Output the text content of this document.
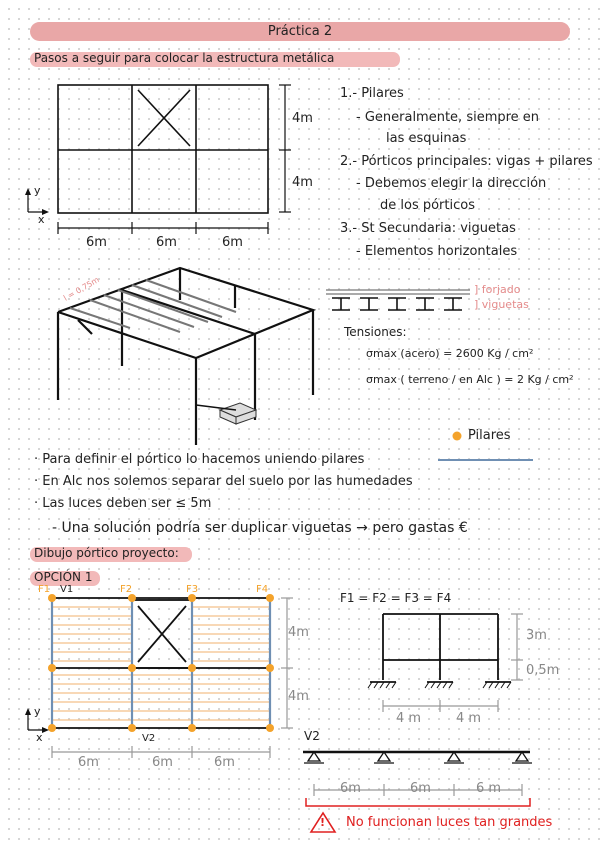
Práctica 2
Pasos a seguir para colocar la estructura metálica
4m
4m
6m	6m	6m
y
x
1.- Pilares
- Generalmente, siempre en
las esquinas
2.- Pórticos principales: vigas + pilares
- Debemos elegir la dirección
de los pórticos
3.- St Secundaria: viguetas
- Elementos horizontales
l = 0,75m	] forjado
] viguetas
Tensiones:
σmax (acero) = 2600 Kg / cm²
σmax ( terreno / en Alc ) = 2 Kg / cm²
Pilares
· Para definir el pórtico lo hacemos uniendo pilares
· En Alc nos solemos separar del suelo por las humedades
· Las luces deben ser ≤ 5m
- Una solución podría ser duplicar viguetas → pero gastas €
Dibujo pórtico proyecto:
OPCIÓN 1
F1 V1	F2	F3	F4
V2
4m
4m
6m	6m	6m
y
x
F1 = F2 = F3 = F4
3m
0,5m
4 m	4 m
V2
6m	6m	6 m
! No funcionan luces tan grandes
